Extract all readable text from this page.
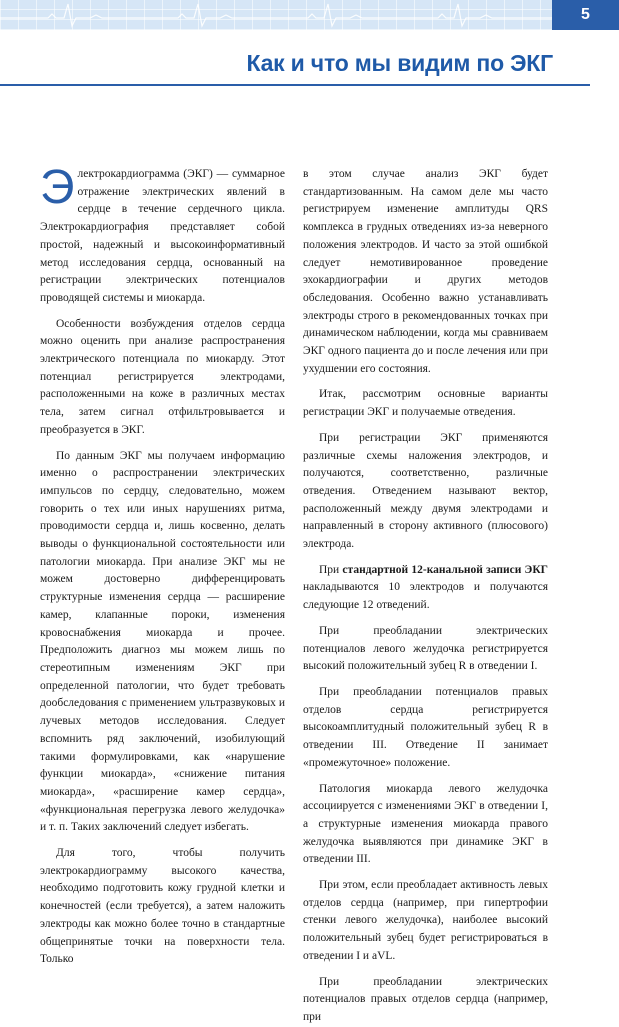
5
Как и что мы видим по ЭКГ

Электрокардиограмма (ЭКГ) — суммарное отражение электрических явлений в сердце в течение сердечного цикла. Электрокардиография представляет собой простой, надежный и высокоинформативный метод исследования сердца, основанный на регистрации электрических потенциалов проводящей системы и миокарда.

Особенности возбуждения отделов сердца можно оценить при анализе распространения электрического потенциала по миокарду. Этот потенциал регистрируется электродами, расположенными на коже в различных местах тела, затем сигнал отфильтровывается и преобразуется в ЭКГ.

По данным ЭКГ мы получаем информацию именно о распространении электрических импульсов по сердцу, следовательно, можем говорить о тех или иных нарушениях ритма, проводимости сердца и, лишь косвенно, делать выводы о функциональной состоятельности или патологии миокарда. При анализе ЭКГ мы не можем достоверно дифференцировать структурные изменения сердца — расширение камер, клапанные пороки, изменения кровоснабжения миокарда и прочее. Предположить диагноз мы можем лишь по стереотипным изменениям ЭКГ при определенной патологии, что будет требовать дообследования с применением ультразвуковых и лучевых методов исследования. Следует вспомнить ряд заключений, изобилующий такими формулировками, как «нарушение функции миокарда», «снижение питания миокарда», «расширение камер сердца», «функциональная перегрузка левого желудочка» и т. п. Таких заключений следует избегать.

Для того, чтобы получить электрокардиограмму высокого качества, необходимо подготовить кожу грудной клетки и конечностей (если требуется), а затем наложить электроды как можно более точно в стандартные общепринятые точки на поверхности тела. Только

в этом случае анализ ЭКГ будет стандартизованным. На самом деле мы часто регистрируем изменение амплитуды QRS комплекса в грудных отведениях из-за неверного положения электродов. И часто за этой ошибкой следует немотивированное проведение эхокардиографии и других методов обследования. Особенно важно устанавливать электроды строго в рекомендованных точках при динамическом наблюдении, когда мы сравниваем ЭКГ одного пациента до и после лечения или при ухудшении его состояния.

Итак, рассмотрим основные варианты регистрации ЭКГ и получаемые отведения.

При регистрации ЭКГ применяются различные схемы наложения электродов, и получаются, соответственно, различные отведения. Отведением называют вектор, расположенный между двумя электродами и направленный в сторону активного (плюсового) электрода.

При стандартной 12-канальной записи ЭКГ накладываются 10 электродов и получаются следующие 12 отведений.

При преобладании электрических потенциалов левого желудочка регистрируется высокий положительный зубец R в отведении I.

При преобладании потенциалов правых отделов сердца регистрируется высокоамплитудный положительный зубец R в отведении III. Отведение II занимает «промежуточное» положение.

Патология миокарда левого желудочка ассоциируется с изменениями ЭКГ в отведении I, а структурные изменения миокарда правого желудочка выявляются при динамике ЭКГ в отведении III.

При этом, если преобладает активность левых отделов сердца (например, при гипертрофии стенки левого желудочка), наиболее высокий положительный зубец будет регистрироваться в отведении I и aVL.

При преобладании электрических потенциалов правых отделов сердца (например, при
